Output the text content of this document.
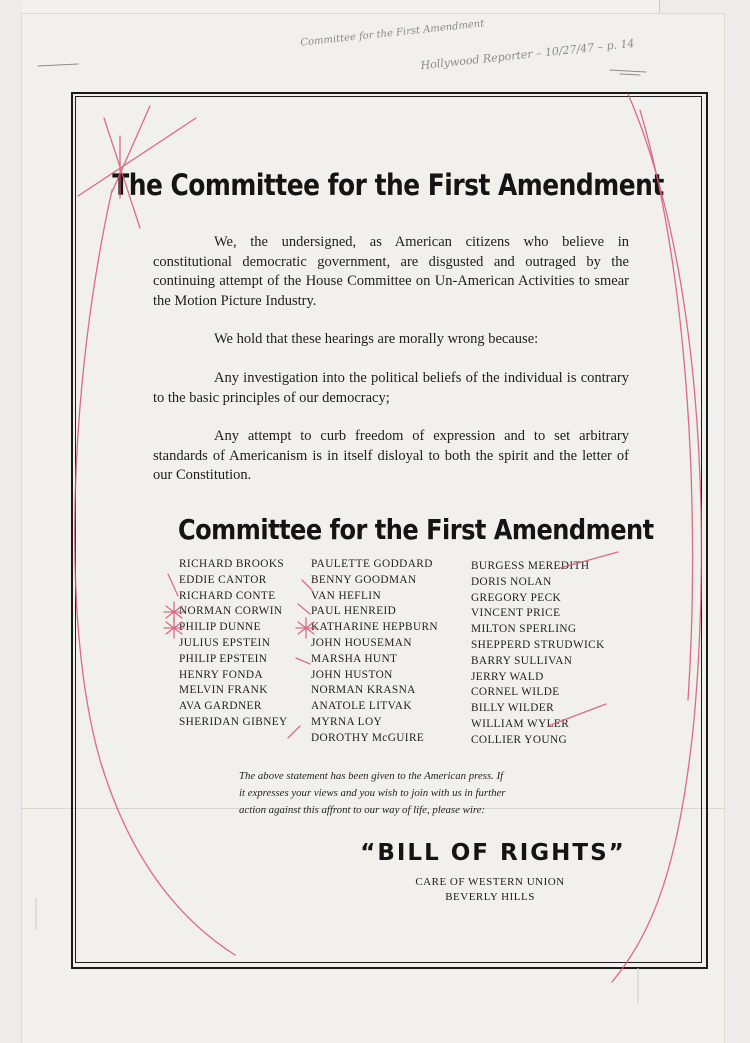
Committee for the First Amendment
Hollywood Reporter – 10/27/47 – p. 14
The Committee for the First Amendment

We, the undersigned, as American citizens who believe in constitutional democratic government, are disgusted and outraged by the continuing attempt of the House Committee on Un-American Activities to smear the Motion Picture Industry.

We hold that these hearings are morally wrong because:

Any investigation into the political beliefs of the individual is contrary to the basic principles of our democracy;

Any attempt to curb freedom of expression and to set arbitrary standards of Americanism is in itself disloyal to both the spirit and the letter of our Constitution.

Committee for the First Amendment

RICHARD BROOKS

EDDIE CANTOR

RICHARD CONTE

NORMAN CORWIN

PHILIP DUNNE

JULIUS EPSTEIN

PHILIP EPSTEIN

HENRY FONDA

MELVIN FRANK

AVA GARDNER

SHERIDAN GIBNEY

PAULETTE GODDARD

BENNY GOODMAN

VAN HEFLIN

PAUL HENREID

KATHARINE HEPBURN

JOHN HOUSEMAN

MARSHA HUNT

JOHN HUSTON

NORMAN KRASNA

ANATOLE LITVAK

MYRNA LOY

DOROTHY McGUIRE

BURGESS MEREDITH

DORIS NOLAN

GREGORY PECK

VINCENT PRICE

MILTON SPERLING

SHEPPERD STRUDWICK

BARRY SULLIVAN

JERRY WALD

CORNEL WILDE

BILLY WILDER

WILLIAM WYLER

COLLIER YOUNG

The above statement has been given to the American press. If
it expresses your views and you wish to join with us in further
action against this affront to our way of life, please wire:
“BILL OF RIGHTS”

CARE OF WESTERN UNION

BEVERLY HILLS
